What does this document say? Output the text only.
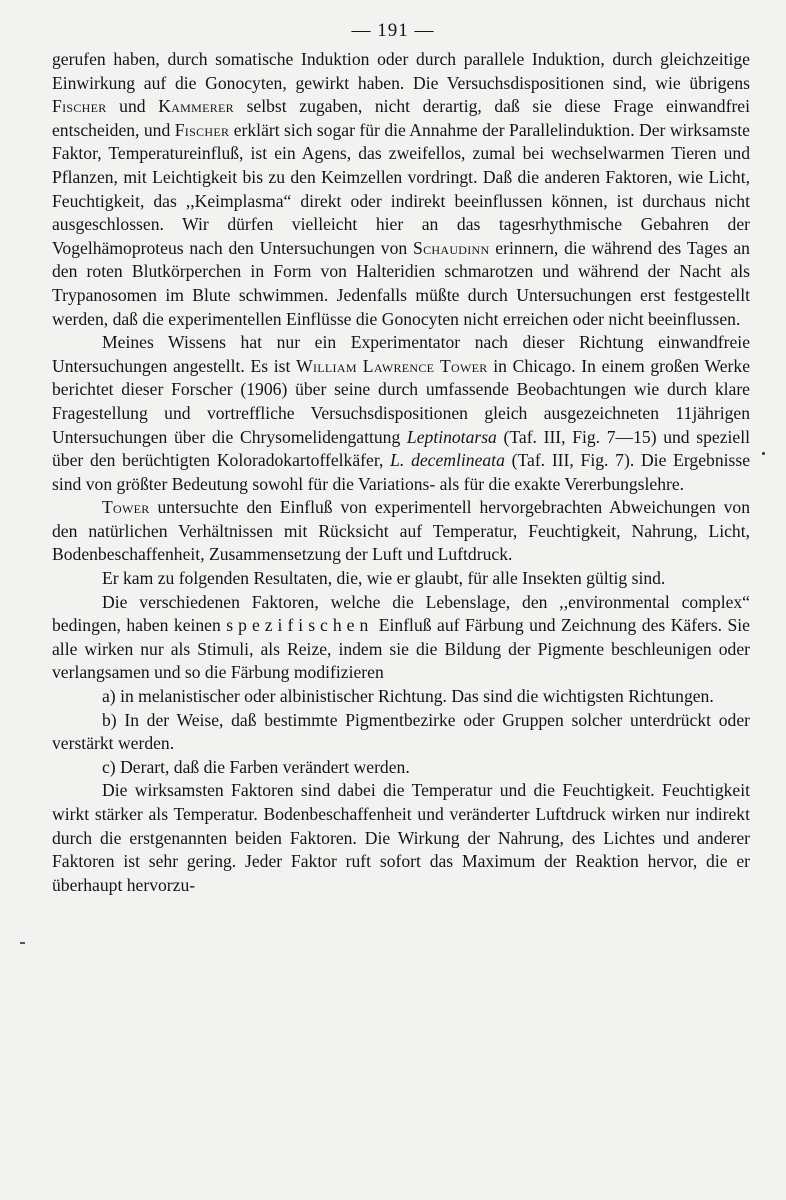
— 191 —

gerufen haben, durch somatische Induktion oder durch parallele Induktion, durch gleichzeitige Einwirkung auf die Gonocyten, gewirkt haben. Die Versuchsdispositionen sind, wie übrigens Fischer und Kammerer selbst zugaben, nicht derartig, daß sie diese Frage einwandfrei entscheiden, und Fischer erklärt sich sogar für die Annahme der Parallelinduktion. Der wirksamste Faktor, Temperatureinfluß, ist ein Agens, das zweifellos, zumal bei wechselwarmen Tieren und Pflanzen, mit Leichtigkeit bis zu den Keimzellen vordringt. Daß die anderen Faktoren, wie Licht, Feuchtigkeit, das ,,Keimplasma“ direkt oder indirekt beeinflussen können, ist durchaus nicht ausgeschlossen. Wir dürfen vielleicht hier an das tagesrhythmische Gebahren der Vogelhämoproteus nach den Untersuchungen von Schaudinn erinnern, die während des Tages an den roten Blutkörperchen in Form von Halteridien schmarotzen und während der Nacht als Trypanosomen im Blute schwimmen. Jedenfalls müßte durch Untersuchungen erst festgestellt werden, daß die experimentellen Einflüsse die Gonocyten nicht erreichen oder nicht beeinflussen.

Meines Wissens hat nur ein Experimentator nach dieser Richtung einwandfreie Untersuchungen angestellt. Es ist William Lawrence Tower in Chicago. In einem großen Werke berichtet dieser Forscher (1906) über seine durch umfassende Beobachtungen wie durch klare Fragestellung und vortreffliche Versuchsdispositionen gleich ausgezeichneten 11jährigen Untersuchungen über die Chrysomelidengattung Leptinotarsa (Taf. III, Fig. 7—15) und speziell über den berüchtigten Koloradokartoffelkäfer, L. decemlineata (Taf. III, Fig. 7). Die Ergebnisse sind von größter Bedeutung sowohl für die Variations- als für die exakte Vererbungslehre.

Tower untersuchte den Einfluß von experimentell hervorgebrachten Abweichungen von den natürlichen Verhältnissen mit Rücksicht auf Temperatur, Feuchtigkeit, Nahrung, Licht, Bodenbeschaffenheit, Zusammensetzung der Luft und Luftdruck.

Er kam zu folgenden Resultaten, die, wie er glaubt, für alle Insekten gültig sind.

Die verschiedenen Faktoren, welche die Lebenslage, den ,,environmental complex“ bedingen, haben keinen spezifischen Einfluß auf Färbung und Zeichnung des Käfers. Sie alle wirken nur als Stimuli, als Reize, indem sie die Bildung der Pigmente beschleunigen oder verlangsamen und so die Färbung modifizieren

a) in melanistischer oder albinistischer Richtung. Das sind die wichtigsten Richtungen.

b) In der Weise, daß bestimmte Pigmentbezirke oder Gruppen solcher unterdrückt oder verstärkt werden.

c) Derart, daß die Farben verändert werden.

Die wirksamsten Faktoren sind dabei die Temperatur und die Feuchtigkeit. Feuchtigkeit wirkt stärker als Temperatur. Bodenbeschaffenheit und veränderter Luftdruck wirken nur indirekt durch die erstgenannten beiden Faktoren. Die Wirkung der Nahrung, des Lichtes und anderer Faktoren ist sehr gering. Jeder Faktor ruft sofort das Maximum der Reaktion hervor, die er überhaupt hervorzu-
